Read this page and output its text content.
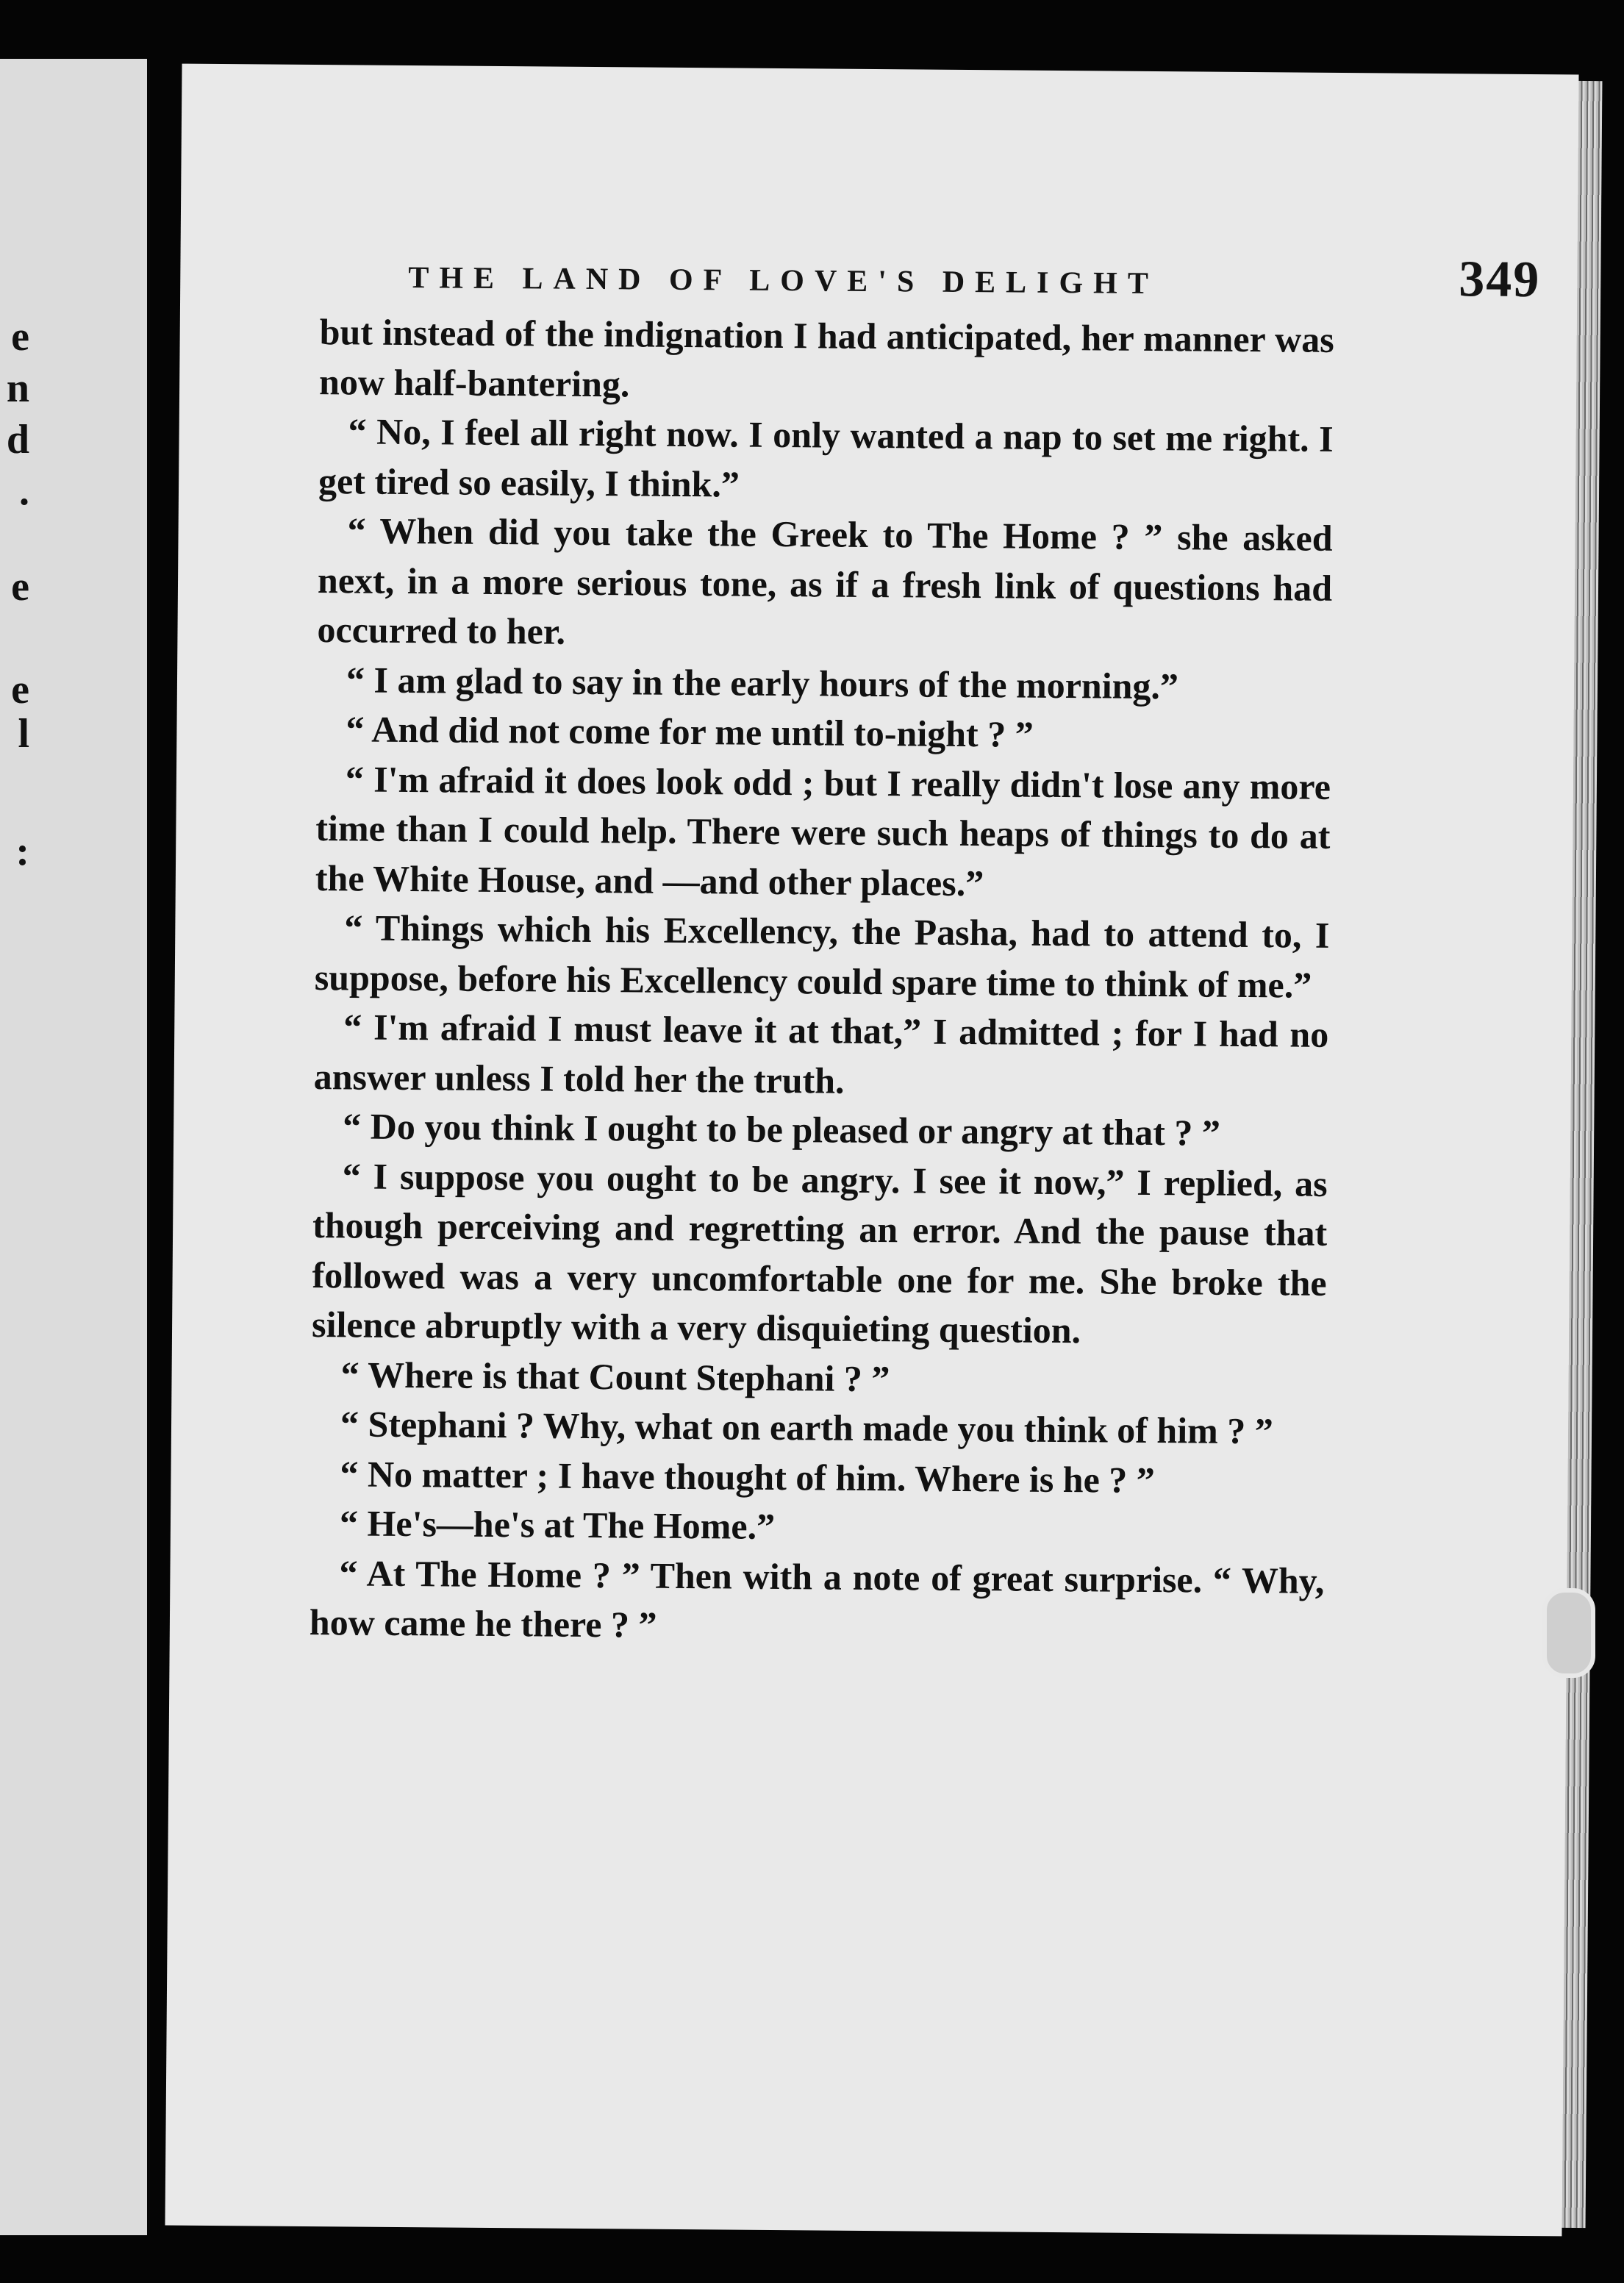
e
n
d
.
e
e
l
:
THE LAND OF LOVE'S DELIGHT	349

but instead of the indignation I had anticipated, her manner was now half-bantering.

“ No, I feel all right now. I only wanted a nap to set me right. I get tired so easily, I think.”

“ When did you take the Greek to The Home ? ” she asked next, in a more serious tone, as if a fresh link of questions had occurred to her.

“ I am glad to say in the early hours of the morning.”

“ And did not come for me until to-night ? ”

“ I'm afraid it does look odd ; but I really didn't lose any more time than I could help. There were such heaps of things to do at the White House, and —and other places.”

“ Things which his Excellency, the Pasha, had to attend to, I suppose, before his Excellency could spare time to think of me.”

“ I'm afraid I must leave it at that,” I admitted ; for I had no answer unless I told her the truth.

“ Do you think I ought to be pleased or angry at that ? ”

“ I suppose you ought to be angry. I see it now,” I replied, as though perceiving and regretting an error. And the pause that followed was a very uncomfortable one for me. She broke the silence abruptly with a very disquieting question.

“ Where is that Count Stephani ? ”

“ Stephani ? Why, what on earth made you think of him ? ”

“ No matter ; I have thought of him. Where is he ? ”

“ He's—he's at The Home.”

“ At The Home ? ” Then with a note of great surprise. “ Why, how came he there ? ”
